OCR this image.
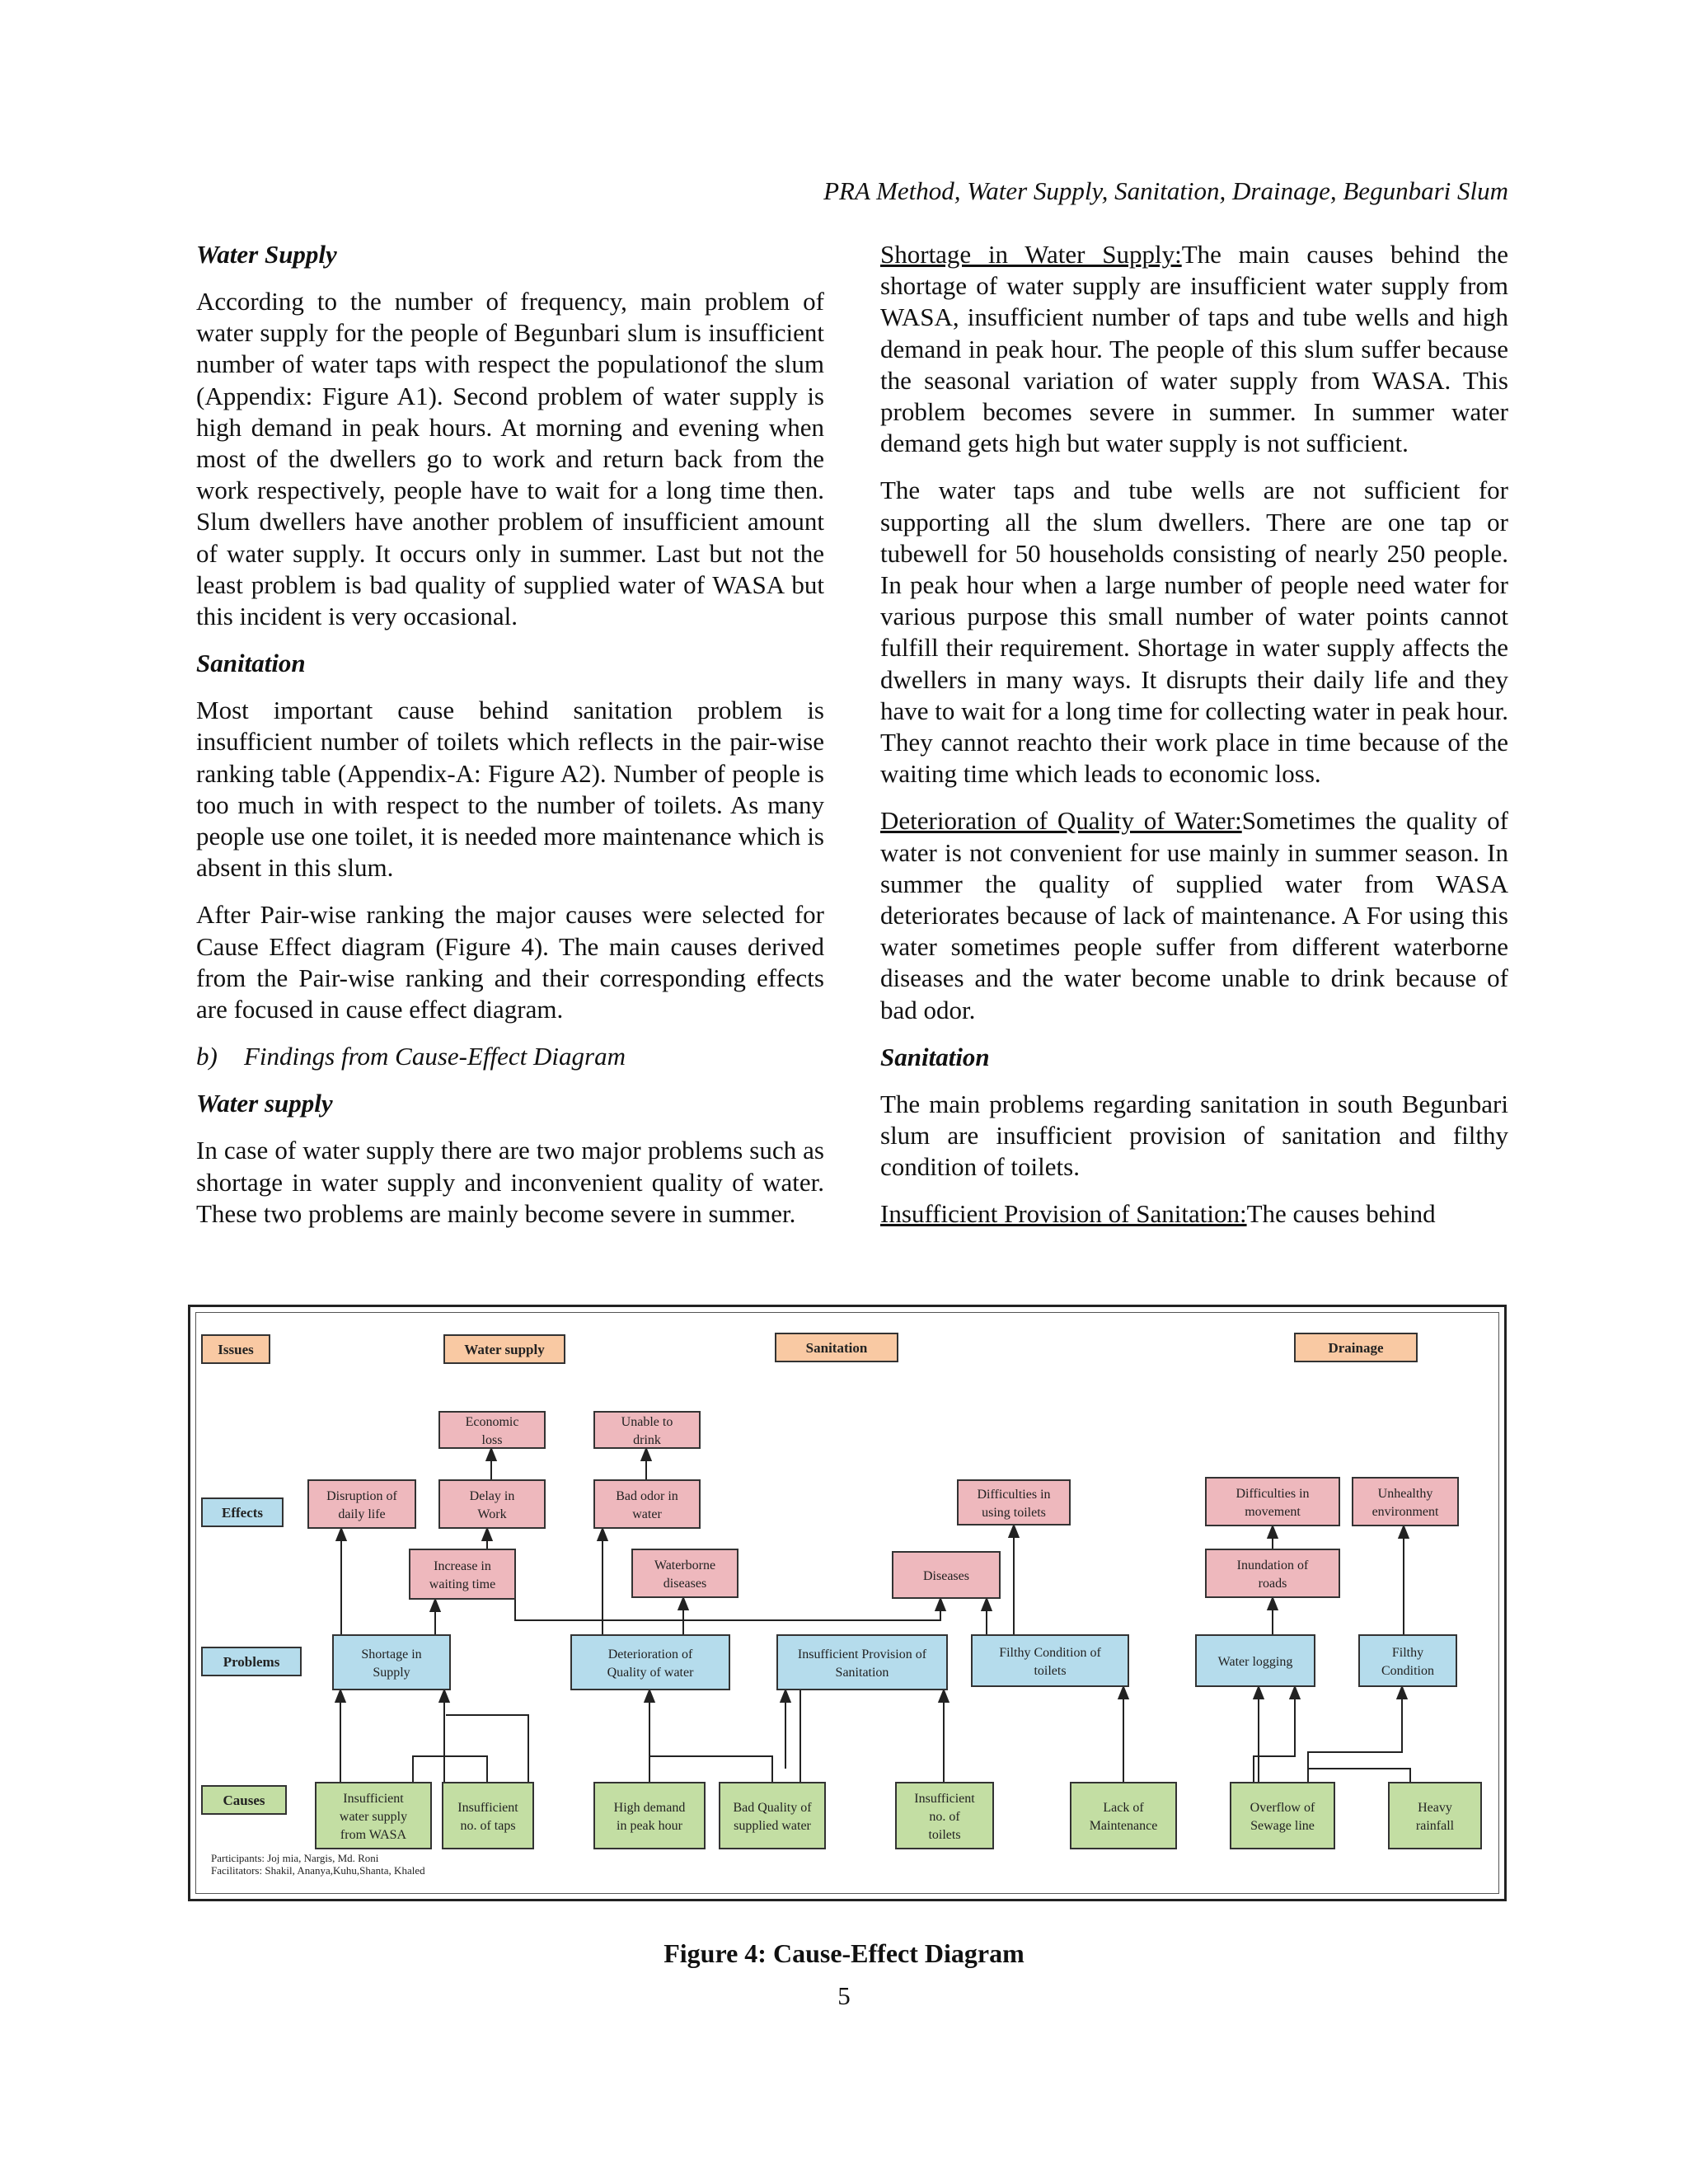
PRA Method, Water Supply, Sanitation, Drainage, Begunbari Slum
Water Supply

According to the number of frequency, main problem of water supply for the people of Begunbari slum is insufficient number of water taps with respect the populationof the slum (Appendix: Figure A1). Second problem of water supply is high demand in peak hours. At morning and evening when most of the dwellers go to work and return back from the work respectively, people have to wait for a long time then. Slum dwellers have another problem of insufficient amount of water supply. It occurs only in summer. Last but not the least problem is bad quality of supplied water of WASA but this incident is very occasional.

Sanitation

Most important cause behind sanitation problem is insufficient number of toilets which reflects in the pair-wise ranking table (Appendix-A: Figure A2). Number of people is too much in with respect to the number of toilets. As many people use one toilet, it is needed more maintenance which is absent in this slum.

After Pair-wise ranking the major causes were selected for Cause Effect diagram (Figure 4). The main causes derived from the Pair-wise ranking and their corresponding effects are focused in cause effect diagram.

b) Findings from Cause-Effect Diagram
Water supply

In case of water supply there are two major problems such as shortage in water supply and inconvenient quality of water. These two problems are mainly become severe in summer.

Shortage in Water Supply:The main causes behind the shortage of water supply are insufficient water supply from WASA, insufficient number of taps and tube wells and high demand in peak hour. The people of this slum suffer because the seasonal variation of water supply from WASA. This problem becomes severe in summer. In summer water demand gets high but water supply is not sufficient.

The water taps and tube wells are not sufficient for supporting all the slum dwellers. There are one tap or tubewell for 50 households consisting of nearly 250 people. In peak hour when a large number of people need water for various purpose this small number of water points cannot fulfill their requirement. Shortage in water supply affects the dwellers in many ways. It disrupts their daily life and they have to wait for a long time for collecting water in peak hour. They cannot reachto their work place in time because of the waiting time which leads to economic loss.

Deterioration of Quality of Water:Sometimes the quality of water is not convenient for use mainly in summer season. In summer the quality of supplied water from WASA deteriorates because of lack of maintenance. A For using this water sometimes people suffer from different waterborne diseases and the water become unable to drink because of bad odor.

Sanitation

The main problems regarding sanitation in south Begunbari slum are insufficient provision of sanitation and filthy condition of toilets.

Insufficient Provision of Sanitation:The causes behind

Issues
Effects
Problems
Causes
Water supply	Sanitation	Drainage
Economic
loss
Unable to
drink
Disruption of
daily life
Delay in
Work
Bad odor in
water
Difficulties in
using toilets
Difficulties in
movement
Unhealthy
environment
Increase in
waiting time
Waterborne
diseases
Diseases
Inundation of
roads
Shortage in
Supply
Deterioration of
Quality of water
Insufficient Provision of
Sanitation
Filthy Condition of
toilets
Water logging
Filthy
Condition
Insufficient
water supply
from WASA
Insufficient
no. of taps
High demand
in peak hour
Bad Quality of
supplied water
Insufficient
no. of
toilets
Lack of
Maintenance
Overflow of
Sewage line
Heavy
rainfall
Participants: Joj mia, Nargis, Md. Roni
Facilitators: Shakil, Ananya,Kuhu,Shanta, Khaled
Figure 4: Cause-Effect Diagram
5
